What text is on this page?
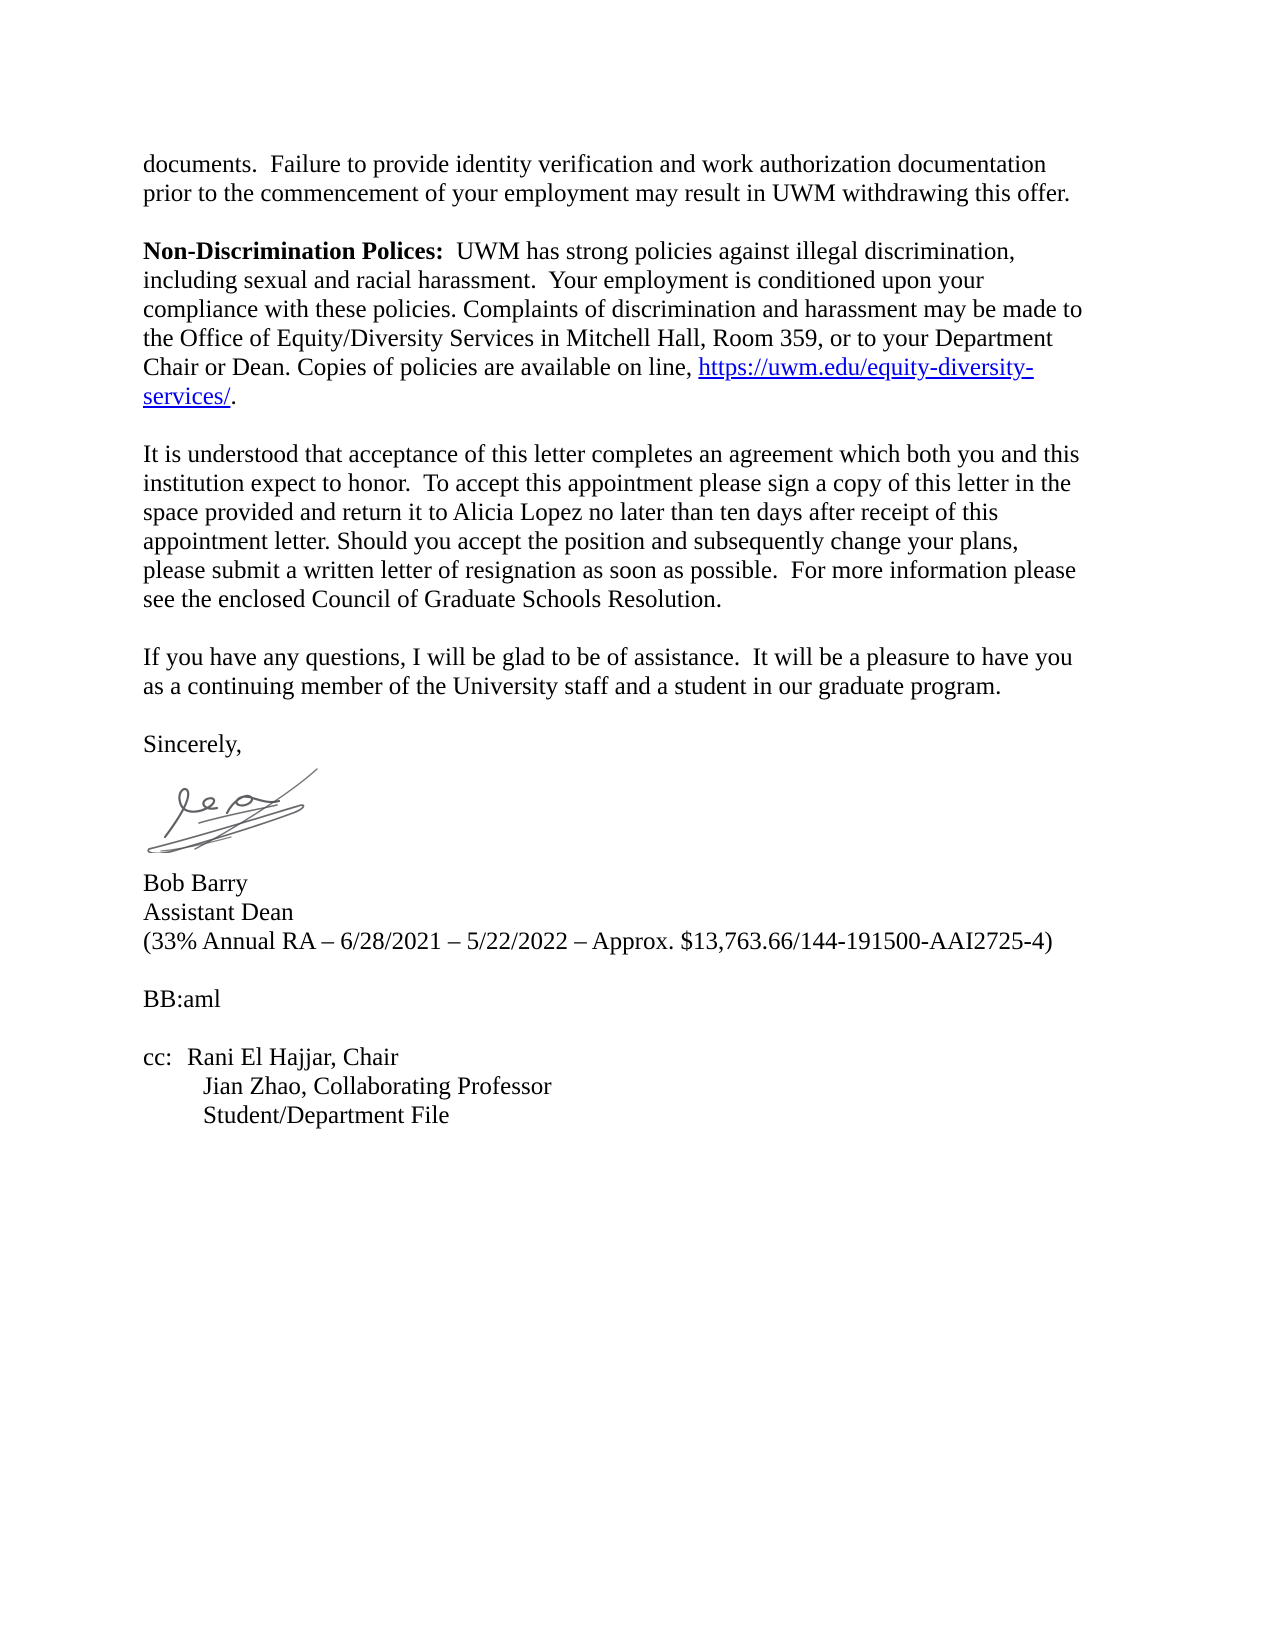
documents.  Failure to provide identity verification and work authorization documentation prior to the commencement of your employment may result in UWM withdrawing this offer.

Non-Discrimination Polices:  UWM has strong policies against illegal discrimination, including sexual and racial harassment.  Your employment is conditioned upon your compliance with these policies. Complaints of discrimination and harassment may be made to the Office of Equity/Diversity Services in Mitchell Hall, Room 359, or to your Department Chair or Dean. Copies of policies are available on line, https://uwm.edu/equity-diversity-services/.

It is understood that acceptance of this letter completes an agreement which both you and this institution expect to honor.  To accept this appointment please sign a copy of this letter in the space provided and return it to Alicia Lopez no later than ten days after receipt of this appointment letter. Should you accept the position and subsequently change your plans, please submit a written letter of resignation as soon as possible.  For more information please see the enclosed Council of Graduate Schools Resolution.

If you have any questions, I will be glad to be of assistance.  It will be a pleasure to have you as a continuing member of the University staff and a student in our graduate program.

Sincerely,
Bob Barry
Assistant Dean
(33% Annual RA – 6/28/2021 – 5/22/2022 – Approx. $13,763.66/144-191500-AAI2725-4)
BB:aml
cc: Rani El Hajjar, Chair
Jian Zhao, Collaborating Professor
Student/Department File
